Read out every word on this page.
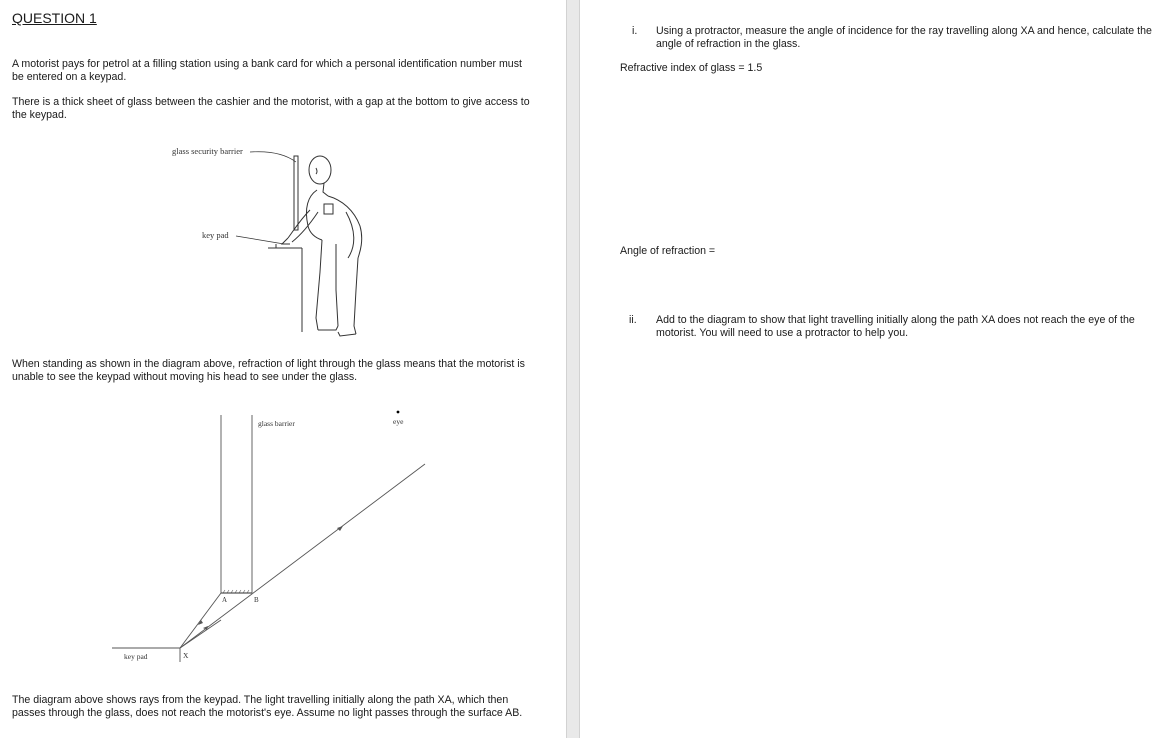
QUESTION 1
A motorist pays for petrol at a filling station using a bank card for which a personal identification number must be entered on a keypad.
There is a thick sheet of glass between the cashier and the motorist, with a gap at the bottom to give access to the keypad.
glass security barrier
key pad
When standing as shown in the diagram above, refraction of light through the glass means that the motorist is unable to see the keypad without moving his head to see under the glass.
glass barrier	eye
key pad
A	B
X
The diagram above shows rays from the keypad. The light travelling initially along the path XA, which then passes through the glass, does not reach the motorist's eye. Assume no light passes through the surface AB.
i. Using a protractor, measure the angle of incidence for the ray travelling along XA and hence, calculate the angle of refraction in the glass.
Refractive index of glass = 1.5
Angle of refraction =
ii. Add to the diagram to show that light travelling initially along the path XA does not reach the eye of the motorist. You will need to use a protractor to help you.
